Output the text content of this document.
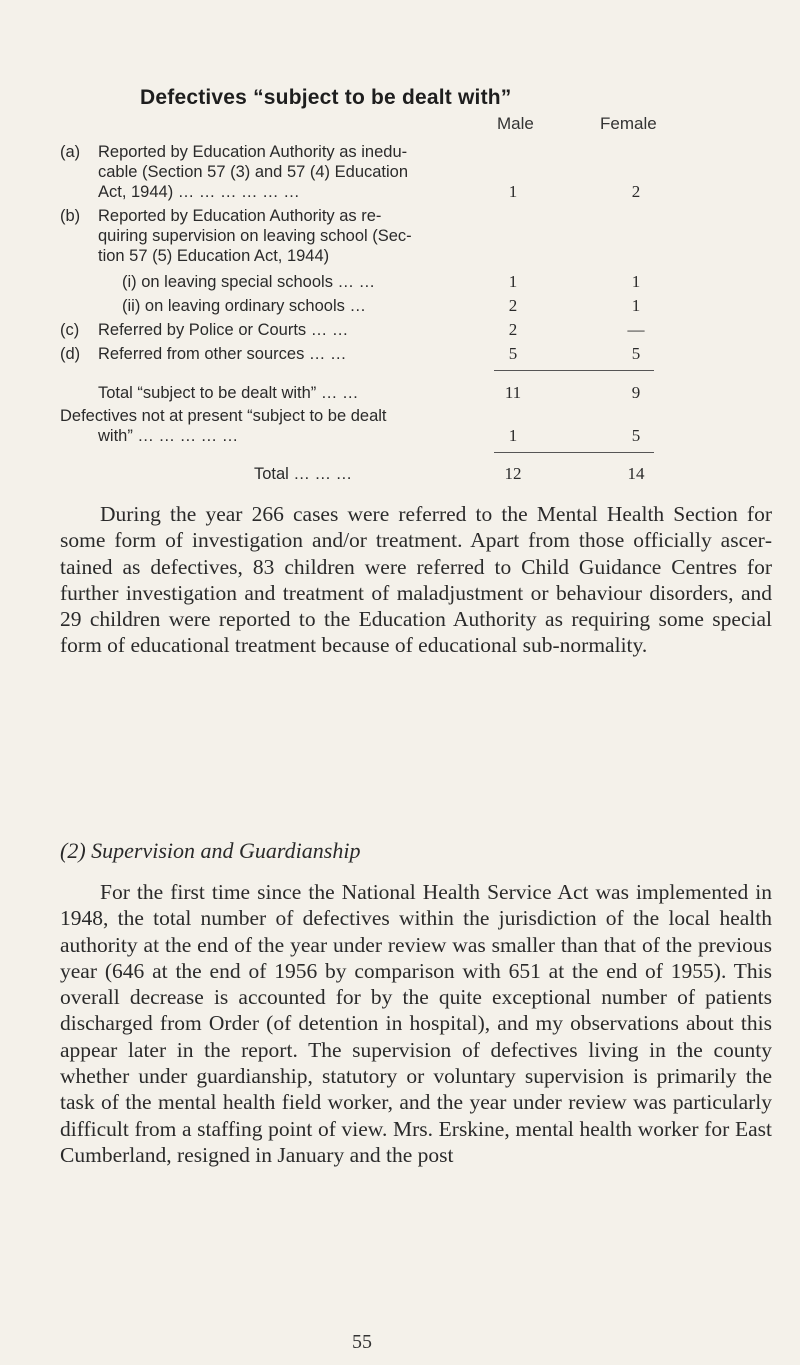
Defectives “subject to be dealt with”
Male	Female
(a) Reported by Education Authority as inedu-
cable (Section 57 (3) and 57 (4) Education
Act, 1944) … … … … … …	1	2
(b) Reported by Education Authority as re-
quiring supervision on leaving school (Sec-
tion 57 (5) Education Act, 1944)
(i) on leaving special schools … …	1	1
(ii) on leaving ordinary schools …	2	1
(c) Referred by Police or Courts … …	2	—
(d) Referred from other sources … …	5	5
Total “subject to be dealt with” … …	11	9
Defectives not at present “subject to be dealt
with” … … … … …	1	5
Total … … …	12	14

During the year 266 cases were referred to the Mental Health Section for some form of investigation and/or treatment. Apart from those officially ascertained as defectives, 83 children were referred to Child Guidance Centres for further investigation and treatment of maladjustment or behaviour disorders, and 29 children were reported to the Education Authority as requiring some special form of educational treatment because of educational sub-normality.

(2) Supervision and Guardianship

For the first time since the National Health Service Act was implemented in 1948, the total number of defectives within the jurisdiction of the local health authority at the end of the year under review was smaller than that of the previous year (646 at the end of 1956 by comparison with 651 at the end of 1955). This overall decrease is accounted for by the quite exceptional number of patients discharged from Order (of detention in hospital), and my observations about this appear later in the report. The supervision of defectives living in the county whether under guardianship, statutory or voluntary supervision is primarily the task of the mental health field worker, and the year under review was particularly difficult from a staffing point of view. Mrs. Erskine, mental health worker for East Cumberland, resigned in January and the post

55
